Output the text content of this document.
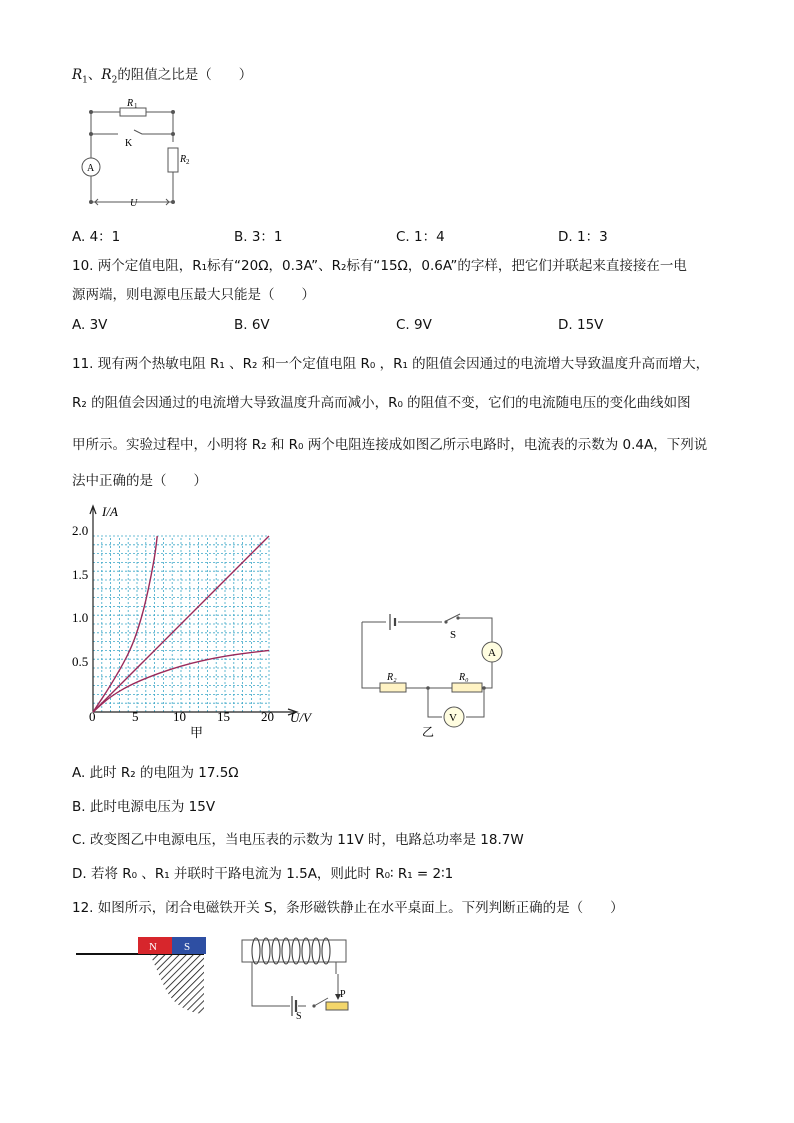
$R_1$、$R_2$的阻值之比是（　　）
R 1
K
R 2
A
U
A. 4：1	B. 3：1	C. 1：4	D. 1：3
10. 两个定值电阻，R₁标有“20Ω，0.3A”、R₂标有“15Ω，0.6A”的字样，把它们并联起来直接接在一电
源两端，则电源电压最大只能是（　　）
A. 3V	B. 6V	C. 9V	D. 15V
11. 现有两个热敏电阻 R₁ 、R₂ 和一个定值电阻 R₀ ，R₁ 的阻值会因通过的电流增大导致温度升高而增大，
R₂ 的阻值会因通过的电流增大导致温度升高而减小，R₀ 的阻值不变，它们的电流随电压的变化曲线如图
甲所示。实验过程中，小明将 R₂ 和 R₀ 两个电阻连接成如图乙所示电路时，电流表的示数为 0.4A，下列说
法中正确的是（　　）
I/A
U/V
2.0
1.5
1.0
0.5
0	5	10 15 20
甲
S
A
V
R₂	R₀
乙
A. 此时 R₂ 的电阻为 17.5Ω
B. 此时电源电压为 15V
C. 改变图乙中电源电压，当电压表的示数为 11V 时，电路总功率是 18.7W
D. 若将 R₀ 、R₁ 并联时干路电流为 1.5A，则此时 R₀∶ R₁ = 2∶1
12. 如图所示，闭合电磁铁开关 S，条形磁铁静止在水平桌面上。下列判断正确的是（　　）
N S
P
S
